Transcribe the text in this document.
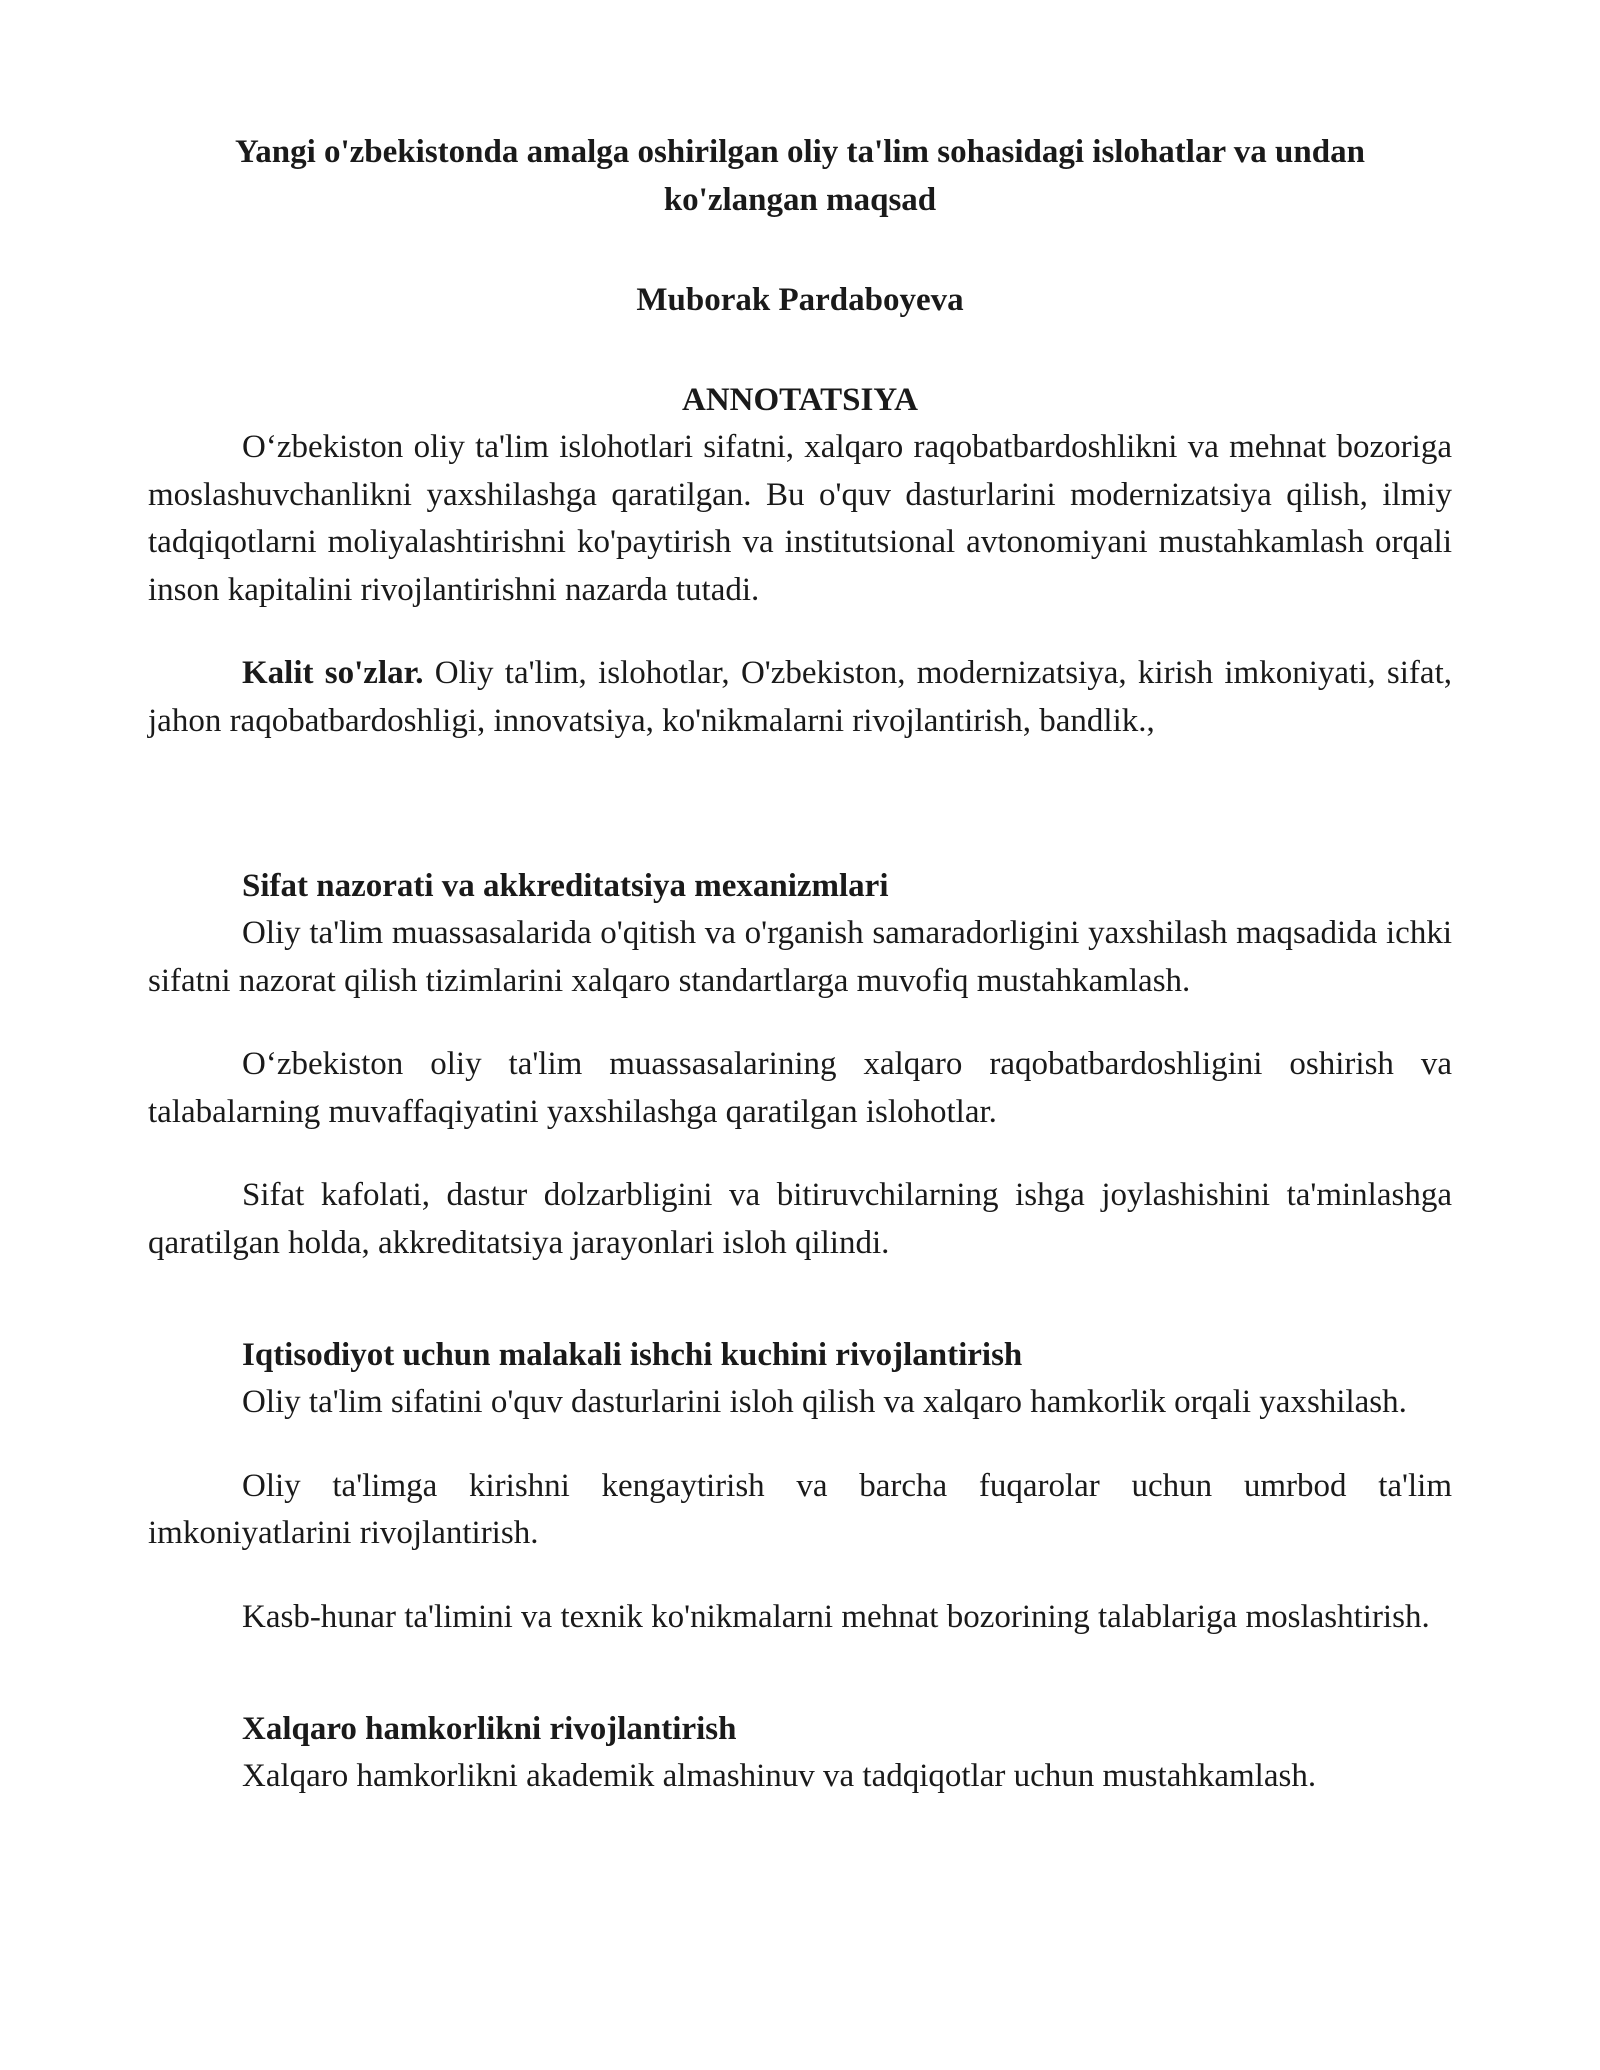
Yangi o'zbekistonda amalga oshirilgan oliy ta'lim sohasidagi islohatlar va undan ko'zlangan maqsad
Muborak Pardaboyeva
ANNOTATSIYA

O‘zbekiston oliy ta'lim islohotlari sifatni, xalqaro raqobatbardoshlikni va mehnat bozoriga moslashuvchanlikni yaxshilashga qaratilgan. Bu o'quv dasturlarini modernizatsiya qilish, ilmiy tadqiqotlarni moliyalashtirishni ko'paytirish va institutsional avtonomiyani mustahkamlash orqali inson kapitalini rivojlantirishni nazarda tutadi.

Kalit so'zlar. Oliy ta'lim, islohotlar, O'zbekiston, modernizatsiya, kirish imkoniyati, sifat, jahon raqobatbardoshligi, innovatsiya, ko'nikmalarni rivojlantirish, bandlik.,

Sifat nazorati va akkreditatsiya mexanizmlari

Oliy ta'lim muassasalarida o'qitish va o'rganish samaradorligini yaxshilash maqsadida ichki sifatni nazorat qilish tizimlarini xalqaro standartlarga muvofiq mustahkamlash.

O‘zbekiston oliy ta'lim muassasalarining xalqaro raqobatbardoshligini oshirish va talabalarning muvaffaqiyatini yaxshilashga qaratilgan islohotlar.

Sifat kafolati, dastur dolzarbligini va bitiruvchilarning ishga joylashishini ta'minlashga qaratilgan holda, akkreditatsiya jarayonlari isloh qilindi.

Iqtisodiyot uchun malakali ishchi kuchini rivojlantirish

Oliy ta'lim sifatini o'quv dasturlarini isloh qilish va xalqaro hamkorlik orqali yaxshilash.

Oliy ta'limga kirishni kengaytirish va barcha fuqarolar uchun umrbod ta'lim imkoniyatlarini rivojlantirish.

Kasb-hunar ta'limini va texnik ko'nikmalarni mehnat bozorining talablariga moslashtirish.

Xalqaro hamkorlikni rivojlantirish

Xalqaro hamkorlikni akademik almashinuv va tadqiqotlar uchun mustahkamlash.
